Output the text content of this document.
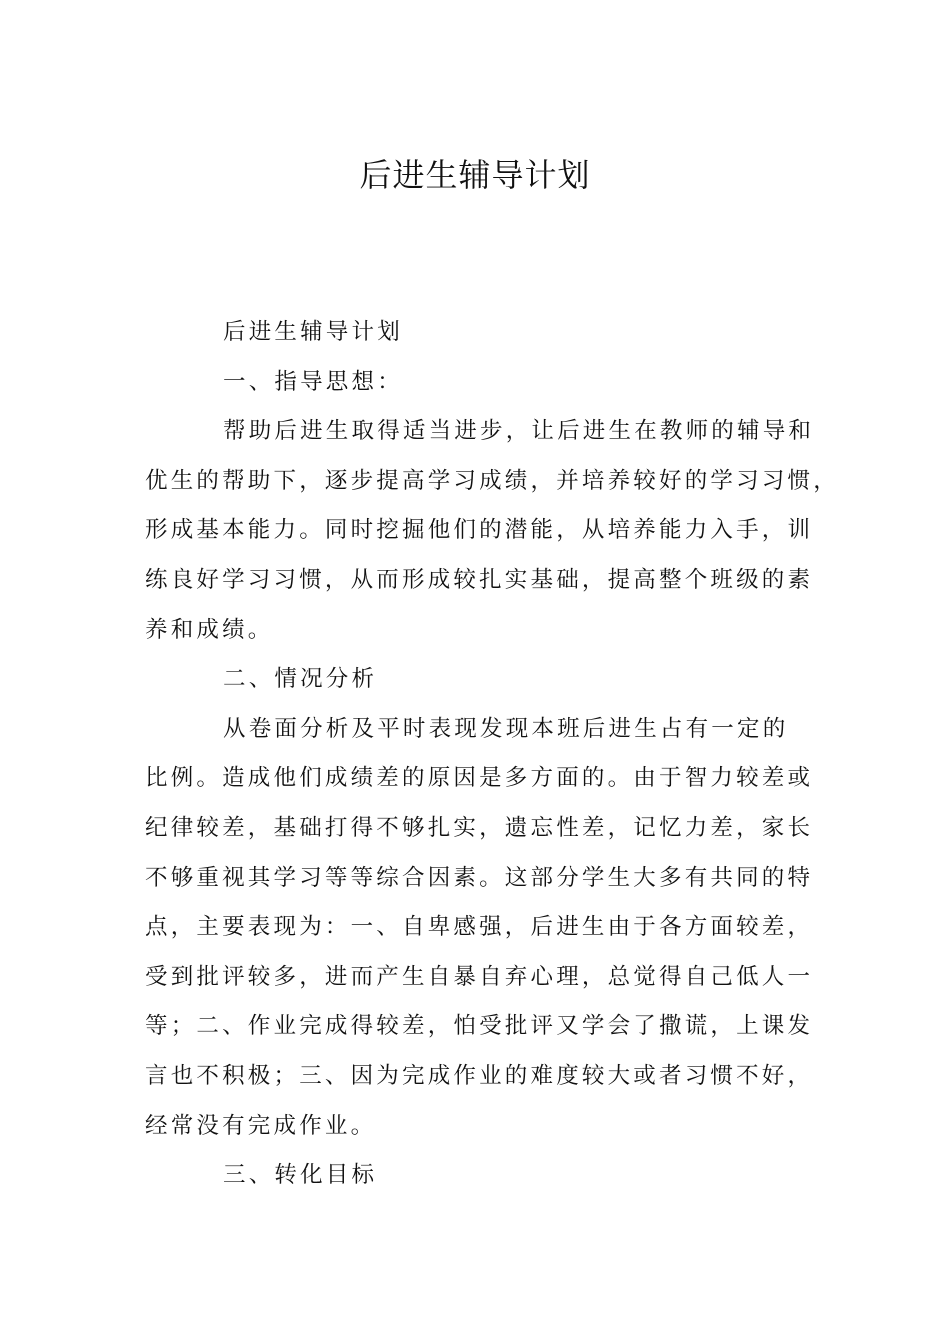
后进生辅导计划
后进生辅导计划
一、指导思想：
帮助后进生取得适当进步，让后进生在教师的辅导和
优生的帮助下，逐步提高学习成绩，并培养较好的学习习惯，
形成基本能力。同时挖掘他们的潜能，从培养能力入手，训
练良好学习习惯，从而形成较扎实基础，提高整个班级的素
养和成绩。
二、情况分析
从卷面分析及平时表现发现本班后进生占有一定的
比例。造成他们成绩差的原因是多方面的。由于智力较差或
纪律较差，基础打得不够扎实，遗忘性差，记忆力差，家长
不够重视其学习等等综合因素。这部分学生大多有共同的特
点，主要表现为：一、自卑感强，后进生由于各方面较差，
受到批评较多，进而产生自暴自弃心理，总觉得自己低人一
等；二、作业完成得较差，怕受批评又学会了撒谎，上课发
言也不积极；三、因为完成作业的难度较大或者习惯不好，
经常没有完成作业。
三、转化目标
